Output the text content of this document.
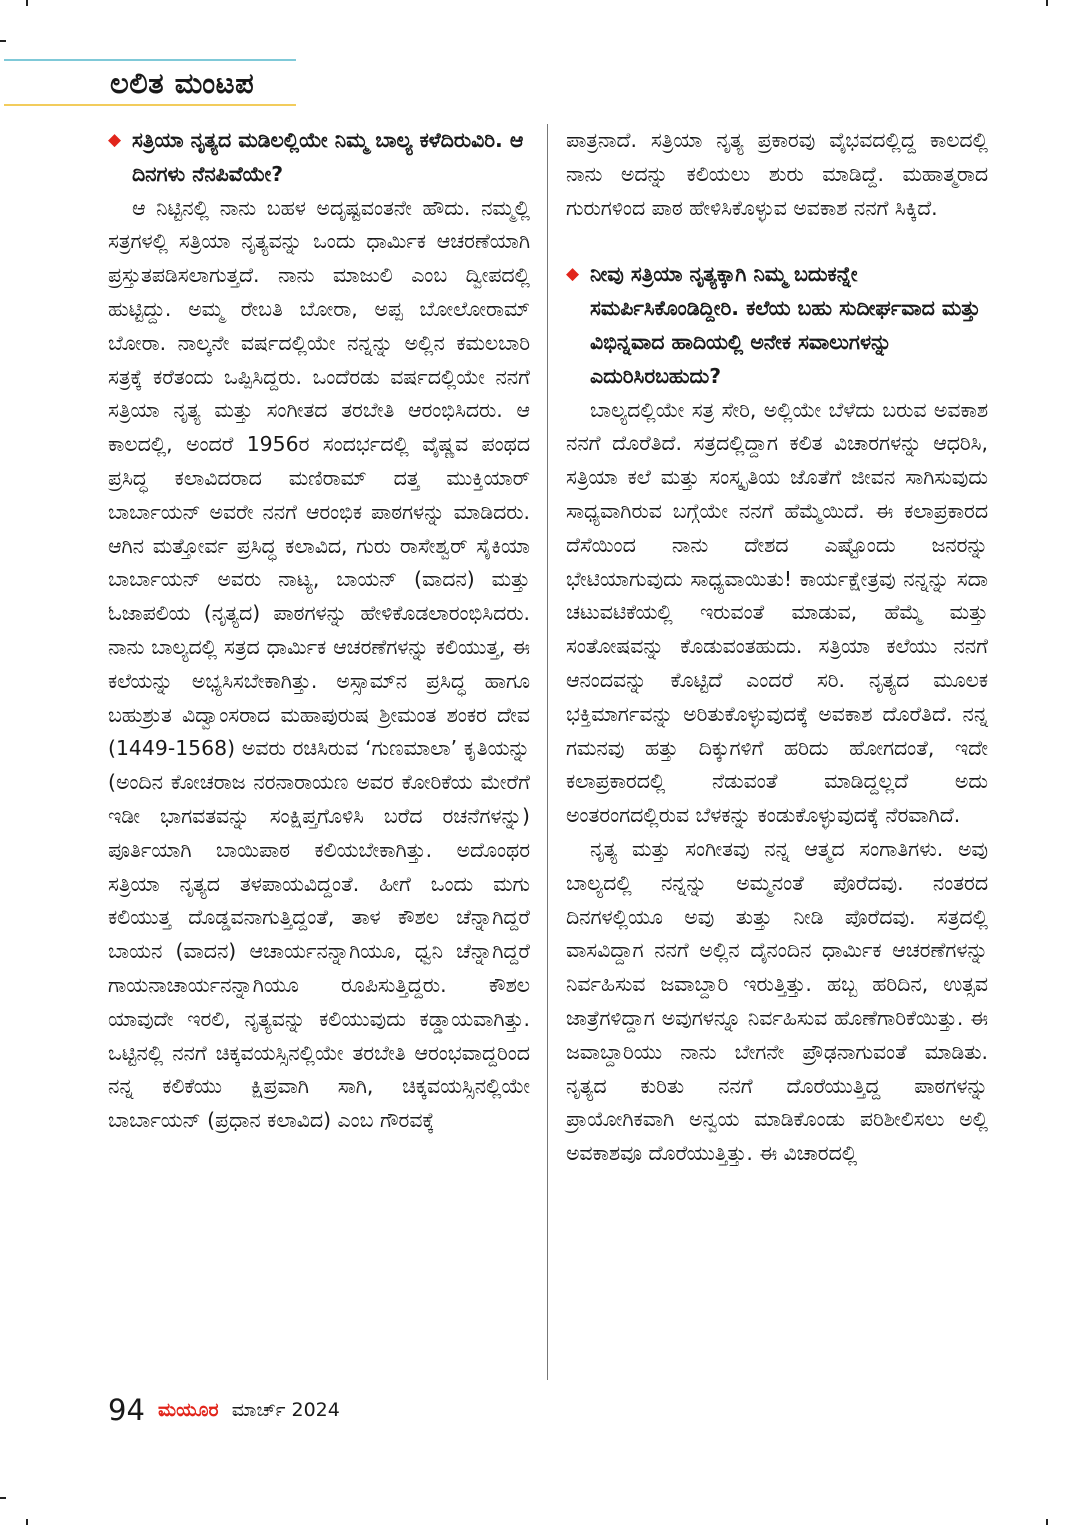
ಲಲಿತ ಮಂಟಪ

◆ ಸತ್ರಿಯಾ ನೃತ್ಯದ ಮಡಿಲಲ್ಲಿಯೇ ನಿಮ್ಮ ಬಾಲ್ಯ ಕಳೆದಿರುವಿರಿ. ಆ ದಿನಗಳು ನೆನಪಿವೆಯೇ?

ಆ ನಿಟ್ಟಿನಲ್ಲಿ ನಾನು ಬಹಳ ಅದೃಷ್ಟವಂತನೇ ಹೌದು. ನಮ್ಮಲ್ಲಿ ಸತ್ರಗಳಲ್ಲಿ ಸತ್ರಿಯಾ ನೃತ್ಯವನ್ನು ಒಂದು ಧಾರ್ಮಿಕ ಆಚರಣೆಯಾಗಿ ಪ್ರಸ್ತುತಪಡಿಸಲಾಗುತ್ತದೆ. ನಾನು ಮಾಜುಲಿ ಎಂಬ ದ್ವೀಪದಲ್ಲಿ ಹುಟ್ಟಿದ್ದು. ಅಮ್ಮ ರೇಬತಿ ಬೋರಾ, ಅಪ್ಪ ಬೋಲೋರಾಮ್ ಬೋರಾ. ನಾಲ್ಕನೇ ವರ್ಷದಲ್ಲಿಯೇ ನನ್ನನ್ನು ಅಲ್ಲಿನ ಕಮಲಬಾರಿ ಸತ್ರಕ್ಕೆ ಕರೆತಂದು ಒಪ್ಪಿಸಿದ್ದರು. ಒಂದೆರಡು ವರ್ಷದಲ್ಲಿಯೇ ನನಗೆ ಸತ್ರಿಯಾ ನೃತ್ಯ ಮತ್ತು ಸಂಗೀತದ ತರಬೇತಿ ಆರಂಭಿಸಿದರು. ಆ ಕಾಲದಲ್ಲಿ, ಅಂದರೆ 1956ರ ಸಂದರ್ಭದಲ್ಲಿ ವೈಷ್ಣವ ಪಂಥದ ಪ್ರಸಿದ್ಧ ಕಲಾವಿದರಾದ ಮಣಿರಾಮ್ ದತ್ತ ಮುಕ್ತಿಯಾರ್ ಬಾರ್ಬಾಯನ್ ಅವರೇ ನನಗೆ ಆರಂಭಿಕ ಪಾಠಗಳನ್ನು ಮಾಡಿದರು. ಆಗಿನ ಮತ್ತೋರ್ವ ಪ್ರಸಿದ್ಧ ಕಲಾವಿದ, ಗುರು ರಾಸೇಶ್ವರ್ ಸೈಕಿಯಾ ಬಾರ್ಬಾಯನ್ ಅವರು ನಾಟ್ಯ, ಬಾಯನ್ (ವಾದನ) ಮತ್ತು ಓಜಾಪಲಿಯ (ನೃತ್ಯದ) ಪಾಠಗಳನ್ನು ಹೇಳಿಕೊಡಲಾರಂಭಿಸಿದರು. ನಾನು ಬಾಲ್ಯದಲ್ಲಿ ಸತ್ರದ ಧಾರ್ಮಿಕ ಆಚರಣೆಗಳನ್ನು ಕಲಿಯುತ್ತ, ಈ ಕಲೆಯನ್ನು ಅಭ್ಯಸಿಸಬೇಕಾಗಿತ್ತು. ಅಸ್ಸಾಮ್‌ನ ಪ್ರಸಿದ್ಧ ಹಾಗೂ ಬಹುಶ್ರುತ ವಿದ್ವಾಂಸರಾದ ಮಹಾಪುರುಷ ಶ್ರೀಮಂತ ಶಂಕರ ದೇವ (1449-1568) ಅವರು ರಚಿಸಿರುವ ‘ಗುಣಮಾಲಾ’ ಕೃತಿಯನ್ನು (ಅಂದಿನ ಕೋಚರಾಜ ನರನಾರಾಯಣ ಅವರ ಕೋರಿಕೆಯ ಮೇರೆಗೆ ಇಡೀ ಭಾಗವತವನ್ನು ಸಂಕ್ಷಿಪ್ತಗೊಳಿಸಿ ಬರೆದ ರಚನೆಗಳನ್ನು) ಪೂರ್ತಿಯಾಗಿ ಬಾಯಿಪಾಠ ಕಲಿಯಬೇಕಾಗಿತ್ತು. ಅದೊಂಥರ ಸತ್ರಿಯಾ ನೃತ್ಯದ ತಳಪಾಯವಿದ್ದಂತೆ. ಹೀಗೆ ಒಂದು ಮಗು ಕಲಿಯುತ್ತ ದೊಡ್ಡವನಾಗುತ್ತಿದ್ದಂತೆ, ತಾಳ ಕೌಶಲ ಚೆನ್ನಾಗಿದ್ದರೆ ಬಾಯನ (ವಾದನ) ಆಚಾರ್ಯನನ್ನಾಗಿಯೂ, ಧ್ವನಿ ಚೆನ್ನಾಗಿದ್ದರೆ ಗಾಯನಾಚಾರ್ಯನನ್ನಾಗಿಯೂ ರೂಪಿಸುತ್ತಿದ್ದರು. ಕೌಶಲ ಯಾವುದೇ ಇರಲಿ, ನೃತ್ಯವನ್ನು ಕಲಿಯುವುದು ಕಡ್ಡಾಯವಾಗಿತ್ತು. ಒಟ್ಟಿನಲ್ಲಿ ನನಗೆ ಚಿಕ್ಕವಯಸ್ಸಿನಲ್ಲಿಯೇ ತರಬೇತಿ ಆರಂಭವಾದ್ದರಿಂದ ನನ್ನ ಕಲಿಕೆಯು ಕ್ಷಿಪ್ರವಾಗಿ ಸಾಗಿ, ಚಿಕ್ಕವಯಸ್ಸಿನಲ್ಲಿಯೇ ಬಾರ್ಬಾಯನ್ (ಪ್ರಧಾನ ಕಲಾವಿದ) ಎಂಬ ಗೌರವಕ್ಕೆ

ಪಾತ್ರನಾದೆ. ಸತ್ರಿಯಾ ನೃತ್ಯ ಪ್ರಕಾರವು ವೈಭವದಲ್ಲಿದ್ದ ಕಾಲದಲ್ಲಿ ನಾನು ಅದನ್ನು ಕಲಿಯಲು ಶುರು ಮಾಡಿದ್ದೆ. ಮಹಾತ್ಮರಾದ ಗುರುಗಳಿಂದ ಪಾಠ ಹೇಳಿಸಿಕೊಳ್ಳುವ ಅವಕಾಶ ನನಗೆ ಸಿಕ್ಕಿದೆ.

◆ ನೀವು ಸತ್ರಿಯಾ ನೃತ್ಯಕ್ಕಾಗಿ ನಿಮ್ಮ ಬದುಕನ್ನೇ ಸಮರ್ಪಿಸಿಕೊಂಡಿದ್ದೀರಿ. ಕಲೆಯ ಬಹು ಸುದೀರ್ಘವಾದ ಮತ್ತು ವಿಭಿನ್ನವಾದ ಹಾದಿಯಲ್ಲಿ ಅನೇಕ ಸವಾಲುಗಳನ್ನು ಎದುರಿಸಿರಬಹುದು?

ಬಾಲ್ಯದಲ್ಲಿಯೇ ಸತ್ರ ಸೇರಿ, ಅಲ್ಲಿಯೇ ಬೆಳೆದು ಬರುವ ಅವಕಾಶ ನನಗೆ ದೊರೆತಿದೆ. ಸತ್ರದಲ್ಲಿದ್ದಾಗ ಕಲಿತ ವಿಚಾರಗಳನ್ನು ಆಧರಿಸಿ, ಸತ್ರಿಯಾ ಕಲೆ ಮತ್ತು ಸಂಸ್ಕೃತಿಯ ಜೊತೆಗೆ ಜೀವನ ಸಾಗಿಸುವುದು ಸಾಧ್ಯವಾಗಿರುವ ಬಗ್ಗೆಯೇ ನನಗೆ ಹೆಮ್ಮೆಯಿದೆ. ಈ ಕಲಾಪ್ರಕಾರದ ದೆಸೆಯಿಂದ ನಾನು ದೇಶದ ಎಷ್ಟೊಂದು ಜನರನ್ನು ಭೇಟಿಯಾಗುವುದು ಸಾಧ್ಯವಾಯಿತು! ಕಾರ್ಯಕ್ಷೇತ್ರವು ನನ್ನನ್ನು ಸದಾ ಚಟುವಟಿಕೆಯಲ್ಲಿ ಇರುವಂತೆ ಮಾಡುವ, ಹೆಮ್ಮೆ ಮತ್ತು ಸಂತೋಷವನ್ನು ಕೊಡುವಂತಹುದು. ಸತ್ರಿಯಾ ಕಲೆಯು ನನಗೆ ಆನಂದವನ್ನು ಕೊಟ್ಟಿದೆ ಎಂದರೆ ಸರಿ. ನೃತ್ಯದ ಮೂಲಕ ಭಕ್ತಿಮಾರ್ಗವನ್ನು ಅರಿತುಕೊಳ್ಳುವುದಕ್ಕೆ ಅವಕಾಶ ದೊರೆತಿದೆ. ನನ್ನ ಗಮನವು ಹತ್ತು ದಿಕ್ಕುಗಳಿಗೆ ಹರಿದು ಹೋಗದಂತೆ, ಇದೇ ಕಲಾಪ್ರಕಾರದಲ್ಲಿ ನೆಡುವಂತೆ ಮಾಡಿದ್ದಲ್ಲದೆ ಅದು ಅಂತರಂಗದಲ್ಲಿರುವ ಬೆಳಕನ್ನು ಕಂಡುಕೊಳ್ಳುವುದಕ್ಕೆ ನೆರವಾಗಿದೆ.

ನೃತ್ಯ ಮತ್ತು ಸಂಗೀತವು ನನ್ನ ಆತ್ಮದ ಸಂಗಾತಿಗಳು. ಅವು ಬಾಲ್ಯದಲ್ಲಿ ನನ್ನನ್ನು ಅಮ್ಮನಂತೆ ಪೊರೆದವು. ನಂತರದ ದಿನಗಳಲ್ಲಿಯೂ ಅವು ತುತ್ತು ನೀಡಿ ಪೊರೆದವು. ಸತ್ರದಲ್ಲಿ ವಾಸವಿದ್ದಾಗ ನನಗೆ ಅಲ್ಲಿನ ದೈನಂದಿನ ಧಾರ್ಮಿಕ ಆಚರಣೆಗಳನ್ನು ನಿರ್ವಹಿಸುವ ಜವಾಬ್ದಾರಿ ಇರುತ್ತಿತ್ತು. ಹಬ್ಬ ಹರಿದಿನ, ಉತ್ಸವ ಜಾತ್ರೆಗಳಿದ್ದಾಗ ಅವುಗಳನ್ನೂ ನಿರ್ವಹಿಸುವ ಹೊಣೆಗಾರಿಕೆಯಿತ್ತು. ಈ ಜವಾಬ್ದಾರಿಯು ನಾನು ಬೇಗನೇ ಪ್ರೌಢನಾಗುವಂತೆ ಮಾಡಿತು. ನೃತ್ಯದ ಕುರಿತು ನನಗೆ ದೊರೆಯುತ್ತಿದ್ದ ಪಾಠಗಳನ್ನು ಪ್ರಾಯೋಗಿಕವಾಗಿ ಅನ್ವಯ ಮಾಡಿಕೊಂಡು ಪರಿಶೀಲಿಸಲು ಅಲ್ಲಿ ಅವಕಾಶವೂ ದೊರೆಯುತ್ತಿತ್ತು. ಈ ವಿಚಾರದಲ್ಲಿ

94 ಮಯೂರ ಮಾರ್ಚ್ 2024
